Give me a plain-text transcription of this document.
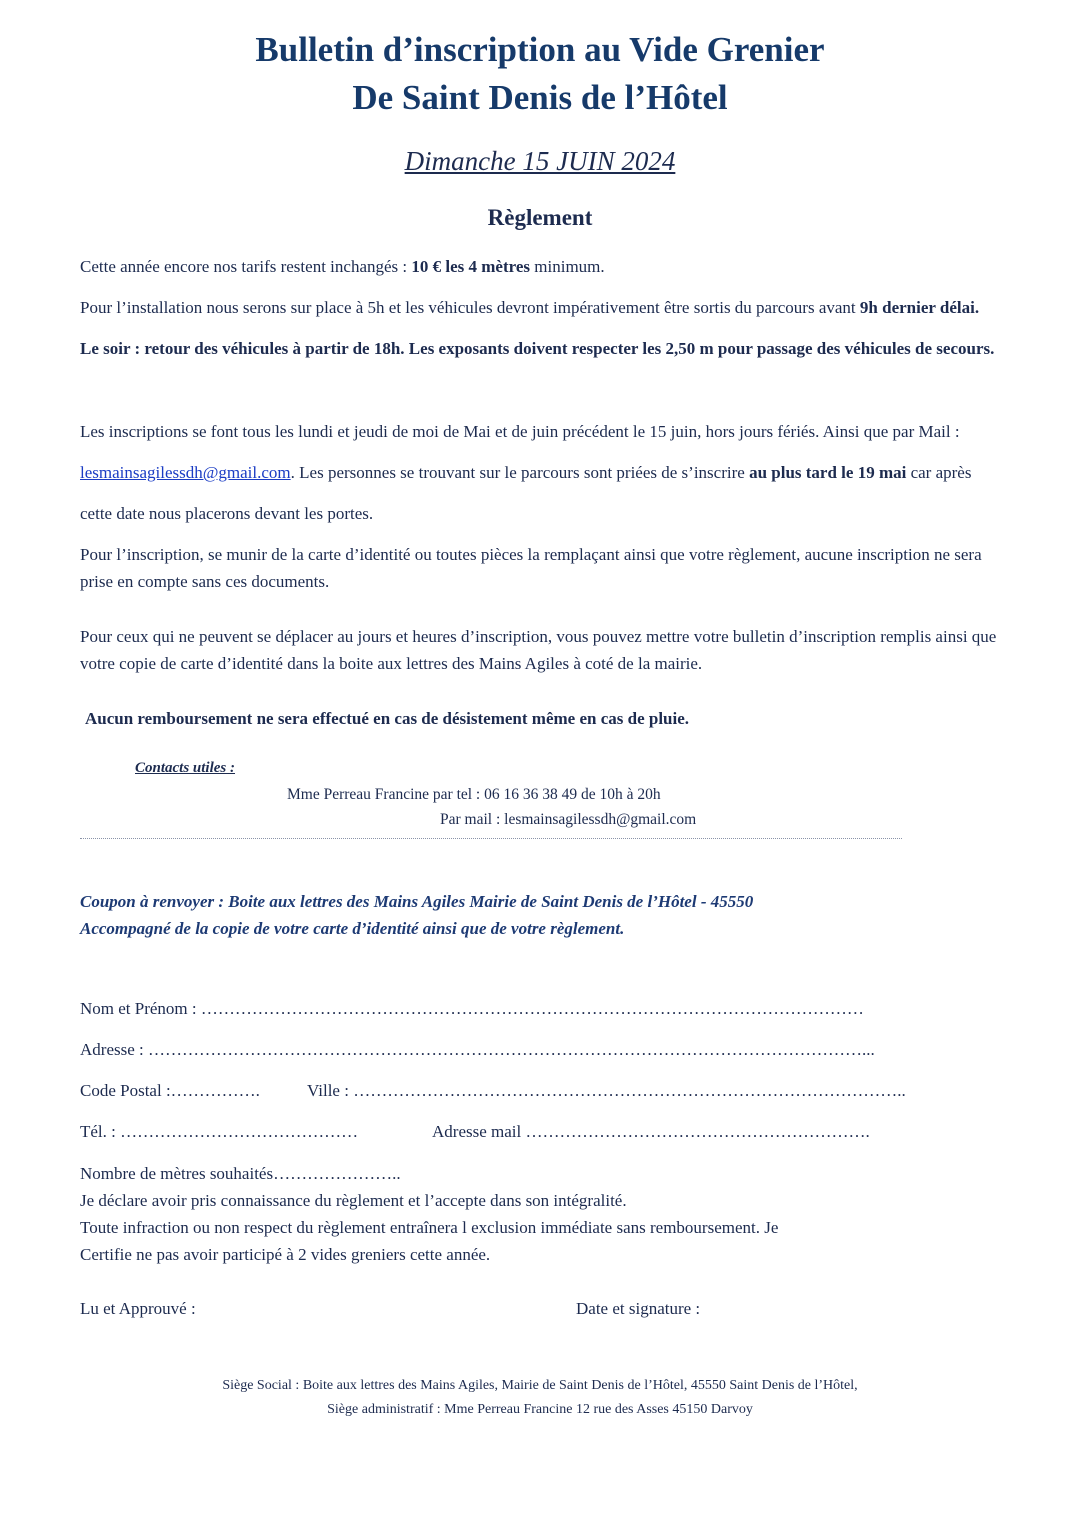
Bulletin d’inscription au Vide Grenier
De Saint Denis de l’Hôtel
Dimanche 15 JUIN 2024
Règlement
Cette année encore nos tarifs restent inchangés : 10 € les 4 mètres minimum.
Pour l’installation nous serons sur place à 5h et les véhicules devront impérativement être sortis du parcours avant 9h dernier délai. Le soir : retour des véhicules à partir de 18h. Les exposants doivent respecter les 2,50 m pour passage des véhicules de secours.
Les inscriptions se font tous les lundi et jeudi de moi de Mai et de juin précédent le 15 juin, hors jours fériés. Ainsi que par Mail : lesmainsagilessdh@gmail.com. Les personnes se trouvant sur le parcours sont priées de s’inscrire au plus tard le 19 mai car après cette date nous placerons devant les portes.
Pour l’inscription, se munir de la carte d’identité ou toutes pièces la remplaçant ainsi que votre règlement, aucune inscription ne sera prise en compte sans ces documents.
Pour ceux qui ne peuvent se déplacer au jours et heures d’inscription, vous pouvez mettre votre bulletin d’inscription remplis ainsi que votre copie de carte d’identité dans la boite aux lettres des Mains Agiles à coté de la mairie.
Aucun remboursement ne sera effectué en cas de désistement même en cas de pluie.
Contacts utiles :
Mme Perreau Francine par tel : 06 16 36 38 49 de 10h à 20h
Par mail : lesmainsagilessdh@gmail.com
Coupon à renvoyer : Boite aux lettres des Mains Agiles Mairie de Saint Denis de l’Hôtel - 45550
Accompagné de la copie de votre carte d’identité ainsi que de votre règlement.
Nom et Prénom : ………………………………………………………………………………………………………
Adresse : ………………………………………………………………………………………………………………...
Code Postal :…………….	Ville : ……………………………………………………………………………………..
Tél. : ……………………………………	Adresse mail …………………………………………………….
Nombre de mètres souhaités…………………..
Je déclare avoir pris connaissance du règlement et l’accepte dans son intégralité.
Toute infraction ou non respect du règlement entraînera l exclusion immédiate sans remboursement. Je
Certifie ne pas avoir participé à 2 vides greniers cette année.
Lu et Approuvé :	Date et signature :
Siège Social : Boite aux lettres des Mains Agiles, Mairie de Saint Denis de l’Hôtel, 45550 Saint Denis de l’Hôtel,
Siège administratif : Mme Perreau Francine 12 rue des Asses 45150 Darvoy
